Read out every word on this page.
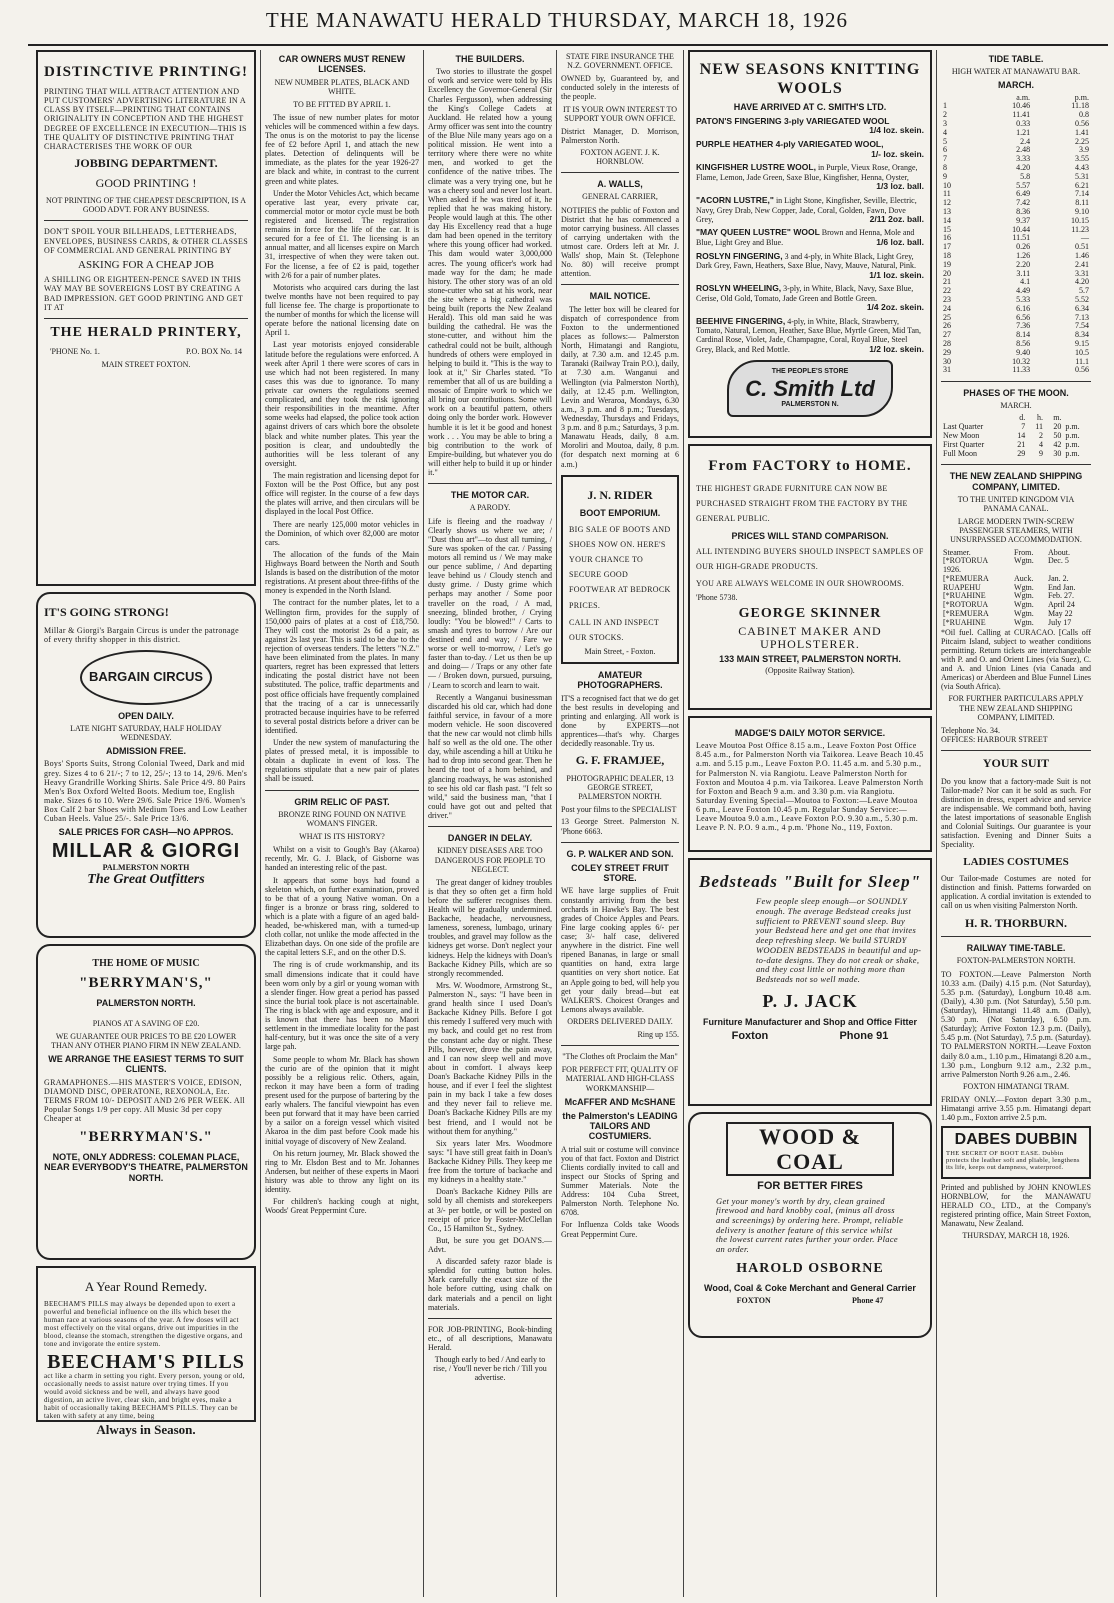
THE MANAWATU HERALD THURSDAY, MARCH 18, 1926
DISTINCTIVE PRINTING!

PRINTING THAT WILL ATTRACT ATTENTION AND PUT CUSTOMERS' ADVERTISING LITERATURE IN A CLASS BY ITSELF—PRINTING THAT CONTAINS ORIGINALITY IN CONCEPTION AND THE HIGHEST DEGREE OF EXCELLENCE IN EXECUTION—THIS IS THE QUALITY OF DISTINCTIVE PRINTING THAT CHARACTERISES THE WORK OF OUR

JOBBING DEPARTMENT.
GOOD PRINTING !
NOT PRINTING OF THE CHEAPEST DESCRIPTION, IS A GOOD ADVT. FOR ANY BUSINESS.

DON'T SPOIL YOUR BILLHEADS, LETTERHEADS, ENVELOPES, BUSINESS CARDS, & OTHER CLASSES OF COMMERCIAL AND GENERAL PRINTING BY

ASKING FOR A CHEAP JOB

A SHILLING OR EIGHTEEN-PENCE SAVED IN THIS WAY MAY BE SOVEREIGNS LOST BY CREATING A BAD IMPRESSION. GET GOOD PRINTING AND GET IT AT

THE HERALD PRINTERY,
'PHONE No. 1.	P.O. BOX No. 14
MAIN STREET FOXTON.
IT'S GOING STRONG!

Millar & Giorgi's Bargain Circus is under the patronage of every thrifty shopper in this district.

BARGAIN CIRCUS
OPEN DAILY.
LATE NIGHT SATURDAY, HALF HOLIDAY WEDNESDAY.
ADMISSION FREE.

Boys' Sports Suits, Strong Colonial Tweed, Dark and mid grey. Sizes 4 to 6 21/-; 7 to 12, 25/-; 13 to 14, 29/6. Men's Heavy Grandrille Working Shirts. Sale Price 4/9. 80 Pairs Men's Box Oxford Welted Boots. Medium toe, English make. Sizes 6 to 10. Were 29/6. Sale Price 19/6. Women's Box Calf 2 bar Shoes with Medium Toes and Low Leather Cuban Heels. Value 25/-. Sale Price 13/6.

SALE PRICES FOR CASH—NO APPROS.
MILLAR & GIORGI
PALMERSTON NORTH
The Great Outfitters
THE HOME OF MUSIC
"BERRYMAN'S,"
PALMERSTON NORTH.
PIANOS AT A SAVING OF £20.
WE GUARANTEE OUR PRICES TO BE £20 LOWER THAN ANY OTHER PIANO FIRM IN NEW ZEALAND.
WE ARRANGE THE EASIEST TERMS TO SUIT CLIENTS.

GRAMAPHONES.—HIS MASTER'S VOICE, EDISON, DIAMOND DISC, OPERATONE, REXONOLA, Etc. TERMS FROM 10/- DEPOSIT AND 2/6 PER WEEK. All Popular Songs 1/9 per copy. All Music 3d per copy Cheaper at

"BERRYMAN'S."
NOTE, ONLY ADDRESS: COLEMAN PLACE, NEAR EVERYBODY'S THEATRE, PALMERSTON NORTH.
A Year Round Remedy.

BEECHAM'S PILLS may always be depended upon to exert a powerful and beneficial influence on the ills which beset the human race at various seasons of the year. A few doses will act most effectively on the vital organs, drive out impurities in the blood, cleanse the stomach, strengthen the digestive organs, and tone and invigorate the entire system.

BEECHAM'S PILLS

act like a charm in setting you right. Every person, young or old, occasionally needs to assist nature over trying times. If you would avoid sickness and be well, and always have good digestion, an active liver, clear skin, and bright eyes, make a habit of occasionally taking BEECHAM'S PILLS. They can be taken with safety at any time, being

Always in Season.
CAR OWNERS MUST RENEW LICENSES.
NEW NUMBER PLATES, BLACK AND WHITE.
TO BE FITTED BY APRIL 1.

The issue of new number plates for motor vehicles will be commenced within a few days. The onus is on the motorist to pay the license fee of £2 before April 1, and attach the new plates. Detection of delinquents will be immediate, as the plates for the year 1926-27 are black and white, in contrast to the current green and white plates.

Under the Motor Vehicles Act, which became operative last year, every private car, commercial motor or motor cycle must be both registered and licensed. The registration remains in force for the life of the car. It is secured for a fee of £1. The licensing is an annual matter, and all licenses expire on March 31, irrespective of when they were taken out. For the license, a fee of £2 is paid, together with 2/6 for a pair of number plates.

Motorists who acquired cars during the last twelve months have not been required to pay full license fee. The charge is proportionate to the number of months for which the license will operate before the national licensing date on April 1.

Last year motorists enjoyed considerable latitude before the regulations were enforced. A week after April 1 there were scores of cars in use which had not been registered. In many cases this was due to ignorance. To many private car owners the regulations seemed complicated, and they took the risk ignoring their responsibilities in the meantime. After some weeks had elapsed, the police took action against drivers of cars which bore the obsolete black and white number plates. This year the position is clear, and undoubtedly the authorities will be less tolerant of any oversight.

The main registration and licensing depot for Foxton will be the Post Office, but any post office will register. In the course of a few days the plates will arrive, and then circulars will be displayed in the local Post Office.

There are nearly 125,000 motor vehicles in the Dominion, of which over 82,000 are motor cars.

The allocation of the funds of the Main Highways Board between the North and South Islands is based on the distribution of the motor registrations. At present about three-fifths of the money is expended in the North Island.

The contract for the number plates, let to a Wellington firm, provides for the supply of 150,000 pairs of plates at a cost of £18,750. They will cost the motorist 2s 6d a pair, as against 2s last year. This is said to be due to the rejection of overseas tenders. The letters "N.Z." have been eliminated from the plates. In many quarters, regret has been expressed that letters indicating the postal district have not been substituted. The police, traffic departments and post office officials have frequently complained that the tracing of a car is unnecessarily protracted because inquiries have to be referred to several postal districts before a driver can be identified.

Under the new system of manufacturing the plates of pressed metal, it is impossible to obtain a duplicate in event of loss. The regulations stipulate that a new pair of plates shall be issued.

GRIM RELIC OF PAST.
BRONZE RING FOUND ON NATIVE WOMAN'S FINGER.
WHAT IS ITS HISTORY?

Whilst on a visit to Gough's Bay (Akaroa) recently, Mr. G. J. Black, of Gisborne was handed an interesting relic of the past.

It appears that some boys had found a skeleton which, on further examination, proved to be that of a young Native woman. On a finger is a bronze or brass ring, soldered to which is a plate with a figure of an aged bald-headed, be-whiskered man, with a turned-up cloth collar, not unlike the mode affected in the Elizabethan days. On one side of the profile are the capital letters S.F., and on the other D.S.

The ring is of crude workmanship, and its small dimensions indicate that it could have been worn only by a girl or young woman with a slender finger. How great a period has passed since the burial took place is not ascertainable. The ring is black with age and exposure, and it is known that there has been no Maori settlement in the immediate locality for the past half-century, but it was once the site of a very large pah.

Some people to whom Mr. Black has shown the curio are of the opinion that it might possibly be a religious relic. Others, again, reckon it may have been a form of trading present used for the purpose of bartering by the early whalers. The fanciful viewpoint has even been put forward that it may have been carried by a sailor on a foreign vessel which visited Akaroa in the dim past before Cook made his initial voyage of discovery of New Zealand.

On his return journey, Mr. Black showed the ring to Mr. Elsdon Best and to Mr. Johannes Andersen, but neither of these experts in Maori history was able to throw any light on its identity.

For children's hacking cough at night, Woods' Great Peppermint Cure.

THE BUILDERS.

Two stories to illustrate the gospel of work and service were told by His Excellency the Governor-General (Sir Charles Fergusson), when addressing the King's College Cadets at Auckland. He related how a young Army officer was sent into the country of the Blue Nile many years ago on a political mission. He went into a territory where there were no white men, and worked to get the confidence of the native tribes. The climate was a very trying one, but he was a cheery soul and never lost heart. When asked if he was tired of it, he replied that he was making history. People would laugh at this. The other day His Excellency read that a huge dam had been opened in the territory where this young officer had worked. This dam would water 3,000,000 acres. The young officer's work had made way for the dam; he made history. The other story was of an old stone-cutter who sat at his work, near the site where a big cathedral was being built (reports the New Zealand Herald). This old man said he was building the cathedral. He was the stone-cutter, and without him the cathedral could not be built, although hundreds of others were employed in helping to build it. "This is the way to look at it," Sir Charles stated. "To remember that all of us are building a mosaic of Empire work to which we all bring our contributions. Some will work on a beautiful pattern, others doing only the border work. However humble it is let it be good and honest work . . . You may be able to bring a big contribution to the work of Empire-building, but whatever you do will either help to build it up or hinder it."

THE MOTOR CAR.
A PARODY.

Life is fleeing and the roadway / Clearly shows us where we are; / "Dust thou art"—to dust all turning, / Sure was spoken of the car. / Passing motors all remind us / We may make our pence sublime, / And departing leave behind us / Cloudy stench and dusty grime. / Dusty grime which perhaps may another / Some poor traveller on the road, / A mad, sneezing, blinded brother, / Crying loudly: "You be blowed!" / Carts to smash and tyres to borrow / Are our destined end and way; / Fare we worse or well to-morrow, / Let's go faster than to-day. / Let us then be up and doing— / Traps or any other fate— / Broken down, pursued, pursuing, / Learn to scorch and learn to wait.

Recently a Wanganui businessman discarded his old car, which had done faithful service, in favour of a more modern vehicle. He soon discovered that the new car would not climb hills half so well as the old one. The other day, while ascending a hill at Utiku he had to drop into second gear. Then he heard the toot of a horn behind, and glancing roadways, he was astonished to see his old car flash past. "I felt so wild," said the business man, "that I could have got out and pelted that driver."

DANGER IN DELAY.
KIDNEY DISEASES ARE TOO DANGEROUS FOR PEOPLE TO NEGLECT.

The great danger of kidney troubles is that they so often get a firm hold before the sufferer recognises them. Health will be gradually undermined. Backache, headache, nervousness, lameness, soreness, lumbago, urinary troubles, and gravel may follow as the kidneys get worse. Don't neglect your kidneys. Help the kidneys with Doan's Backache Kidney Pills, which are so strongly recommended.

Mrs. W. Woodmore, Armstrong St., Palmerston N., says: "I have been in grand health since I used Doan's Backache Kidney Pills. Before I got this remedy I suffered very much with my back, and could get no rest from the constant ache day or night. These Pills, however, drove the pain away, and I can now sleep well and move about in comfort. I always keep Doan's Backache Kidney Pills in the house, and if ever I feel the slightest pain in my back I take a few doses and they never fail to relieve me. Doan's Backache Kidney Pills are my best friend, and I would not be without them for anything."

Six years later Mrs. Woodmore says: "I have still great faith in Doan's Backache Kidney Pills. They keep me free from the torture of backache and my kidneys in a healthy state."

Doan's Backache Kidney Pills are sold by all chemists and storekeepers at 3/- per bottle, or will be posted on receipt of price by Foster-McClellan Co., 15 Hamilton St., Sydney.

But, be sure you get DOAN'S.—Advt.

A discarded safety razor blade is splendid for cutting button holes. Mark carefully the exact size of the hole before cutting, using chalk on dark materials and a pencil on light materials.

FOR JOB-PRINTING, Book-binding etc., of all descriptions, Manawatu Herald.

Though early to bed / And early to rise, / You'll never be rich / Till you advertise.

STATE FIRE INSURANCE THE N.Z. GOVERNMENT. OFFICE.

OWNED by, Guaranteed by, and conducted solely in the interests of the people.

IT IS YOUR OWN INTEREST TO SUPPORT YOUR OWN OFFICE.

District Manager, D. Morrison, Palmerston North.

FOXTON AGENT. J. K. HORNBLOW.
A. WALLS,
GENERAL CARRIER,

NOTIFIES the public of Foxton and District that he has commenced a motor carrying business. All classes of carrying undertaken with the utmost care. Orders left at Mr. J. Walls' shop, Main St. (Telephone No. 80) will receive prompt attention.

MAIL NOTICE.

The letter box will be cleared for dispatch of correspondence from Foxton to the undermentioned places as follows:— Palmerston North, Himatangi and Rangiotu, daily, at 7.30 a.m. and 12.45 p.m. Taranaki (Railway Train P.O.), daily, at 7.30 a.m. Wanganui and Wellington (via Palmerston North), daily, at 12.45 p.m. Wellington, Levin and Weraroa, Mondays, 6.30 a.m., 3 p.m. and 8 p.m.; Tuesdays, Wednesday, Thursdays and Fridays, 3 p.m. and 8 p.m.; Saturdays, 3 p.m. Manawatu Heads, daily, 8 a.m. Moroliri and Moutoa, daily, 8 p.m. (for despatch next morning at 6 a.m.)

J. N. RIDER
BOOT EMPORIUM.

BIG SALE OF BOOTS AND SHOES NOW ON. HERE'S YOUR CHANCE TO SECURE GOOD FOOTWEAR AT BEDROCK PRICES.

CALL IN AND INSPECT OUR STOCKS.

Main Street, - Foxton.
AMATEUR PHOTOGRAPHERS.

IT'S a recognised fact that we do get the best results in developing and printing and enlarging. All work is done by EXPERTS—not apprentices—that's why. Charges decidedly reasonable. Try us.

G. F. FRAMJEE,
PHOTOGRAPHIC DEALER, 13 GEORGE STREET, PALMERSTON NORTH.

Post your films to the SPECIALIST

13 George Street. Palmerston N. 'Phone 6663.

G. P. WALKER AND SON.
COLEY STREET FRUIT STORE.

WE have large supplies of Fruit constantly arriving from the best orchards in Hawke's Bay. The best grades of Choice Apples and Pears. Fine large cooking apples 6/- per case; 3/- half case, delivered anywhere in the district. Fine well ripened Bananas, in large or small quantities on hand, extra large quantities on very short notice. Eat an Apple going to bed, will help you get your daily bread—but eat WALKER'S. Choicest Oranges and Lemons always available.

ORDERS DELIVERED DAILY.
Ring up 155.
"The Clothes oft Proclaim the Man"
FOR PERFECT FIT, QUALITY OF MATERIAL AND HIGH-CLASS WORKMANSHIP—
McAFFER AND McSHANE
the Palmerston's LEADING TAILORS AND COSTUMIERS.

A trial suit or costume will convince you of that fact. Foxton and District Clients cordially invited to call and inspect our Stocks of Spring and Summer Materials. Note the Address: 104 Cuba Street, Palmerston North. Telephone No. 6708.

For Influenza Colds take Woods Great Peppermint Cure.

NEW SEASONS KNITTING WOOLS
HAVE ARRIVED AT C. SMITH'S LTD.
PATON'S FINGERING 3-ply VARIEGATED WOOL
1/4 loz. skein.
PURPLE HEATHER 4-ply VARIEGATED WOOL,
1/- loz. skein.
KINGFISHER LUSTRE WOOL, in Purple, Vieux Rose, Orange, Flame, Lemon, Jade Green, Saxe Blue, Kingfisher, Henna, Oyster,
1/3 loz. ball.
"ACORN LUSTRE," in Light Stone, Kingfisher, Seville, Electric, Navy, Grey Drab, New Copper, Jade, Coral, Golden, Fawn, Dove Grey,	2/11 2oz. ball.
"MAY QUEEN LUSTRE" WOOL Brown and Henna, Mole and Blue, Light Grey and Blue.	1/6 loz. ball.
ROSLYN FINGERING, 3 and 4-ply, in White Black, Light Grey, Dark Grey, Fawn, Heathers, Saxe Blue, Navy, Mauve, Natural, Pink.
1/1 loz. skein.
ROSLYN WHEELING, 3-ply, in White, Black, Navy, Saxe Blue, Cerise, Old Gold, Tomato, Jade Green and Bottle Green.
1/4 2oz. skein.
BEEHIVE FINGERING, 4-ply, in White, Black, Strawberry, Tomato, Natural, Lemon, Heather, Saxe Blue, Myrtle Green, Mid Tan, Cardinal Rose, Violet, Jade, Champagne, Coral, Royal Blue, Steel Grey, Black, and Red Mottle.	1/2 loz. skein.
THE PEOPLE'S STORE
C. Smith Ltd
PALMERSTON N.
From FACTORY to HOME.

THE HIGHEST GRADE FURNITURE CAN NOW BE PURCHASED STRAIGHT FROM THE FACTORY BY THE GENERAL PUBLIC.

PRICES WILL STAND COMPARISON.

ALL INTENDING BUYERS SHOULD INSPECT SAMPLES OF OUR HIGH-GRADE PRODUCTS.

YOU ARE ALWAYS WELCOME IN OUR SHOWROOMS.

'Phone 5738.
GEORGE SKINNER
CABINET MAKER AND UPHOLSTERER.
133 MAIN STREET, PALMERSTON NORTH.
(Opposite Railway Station).
MADGE'S DAILY MOTOR SERVICE.

Leave Moutoa Post Office 8.15 a.m., Leave Foxton Post Office 8.45 a.m., for Palmerston North via Taikorea. Leave Beach 10.45 a.m. and 5.15 p.m., Leave Foxton P.O. 11.45 a.m. and 5.30 p.m., for Palmerston N. via Rangiotu. Leave Palmerston North for Foxton and Moutoa 4 p.m. via Taikorea. Leave Palmerston North for Foxton and Beach 9 a.m. and 3.30 p.m. via Rangiotu. Saturday Evening Special—Moutoa to Foxton:—Leave Moutoa 6 p.m., Leave Foxton 10.45 p.m. Regular Sunday Service:—Leave Moutoa 9.0 a.m., Leave Foxton P.O. 9.30 a.m., 5.30 p.m. Leave P. N. P.O. 9 a.m., 4 p.m. 'Phone No., 119, Foxton.

Bedsteads "Built for Sleep"

Few people sleep enough—or SOUNDLY enough. The average Bedstead creaks just sufficient to PREVENT sound sleep. Buy your Bedstead here and get one that invites deep refreshing sleep. We build STURDY WOODEN BEDSTEADS in beautiful and up-to-date designs. They do not creak or shake, and they cost little or nothing more than Bedsteads not so well made.

P. J. JACK
Furniture Manufacturer and Shop and Office Fitter
Foxton	Phone 91
WOOD & COAL
FOR BETTER FIRES

Get your money's worth by dry, clean grained firewood and hard knobby coal, (minus all dross and screenings) by ordering here. Prompt, reliable delivery is another feature of this service whilst the lowest current rates further your order. Place an order.

HAROLD OSBORNE
Wood, Coal & Coke Merchant and General Carrier
FOXTON	Phone 47
TIDE TABLE.
HIGH WATER AT MANAWATU BAR.
MARCH.
	a.m.	p.m.
1	10.46	11.18
2	11.41	0.8
3	0.33	0.56
4	1.21	1.41
5	2.4	2.25
6	2.48	3.9
7	3.33	3.55
8	4.20	4.43
9	5.8	5.31
10	5.57	6.21
11	6.49	7.14
12	7.42	8.11
13	8.36	9.10
14	9.37	10.15
15	10.44	11.23
16	11.51	—
17	0.26	0.51
18	1.26	1.46
19	2.20	2.41
20	3.11	3.31
21	4.1	4.20
22	4.49	5.7
23	5.33	5.52
24	6.16	6.34
25	6.56	7.13
26	7.36	7.54
27	8.14	8.34
28	8.56	9.15
29	9.40	10.5
30	10.32	11.1
31	11.33	0.56
PHASES OF THE MOON.
MARCH.
	d.	h.	m.	
Last Quarter	7	11	20	p.m.
New Moon	14	2	50	p.m.
First Quarter	21	4	42	p.m.
Full Moon	29	9	30	p.m.
THE NEW ZEALAND SHIPPING COMPANY, LIMITED.
TO THE UNITED KINGDOM VIA PANAMA CANAL.
LARGE MODERN TWIN-SCREW PASSENGER STEAMERS, WITH UNSURPASSED ACCOMMODATION.
Steamer.	From.	About.
[*ROTORUA	Wgtn.	Dec. 5
1926.		
[*REMUERA	Auck.	Jan. 2.
RUAPEHU	Wgtn.	End Jan.
[*RUAHINE	Wgtn.	Feb. 27.
[*ROTORUA	Wgtn.	April 24
[*REMUERA	Wgtn.	May 22
[*RUAHINE	Wgtn.	July 17

*Oil fuel. Calling at CURACAO. [Calls off Pitcairn Island, subject to weather conditions permitting. Return tickets are interchangeable with P. and O. and Orient Lines (via Suez), C. and A. and Union Lines (via Canada and Americas) or Aberdeen and Blue Funnel Lines (via South Africa).

FOR FURTHER PARTICULARS APPLY THE NEW ZEALAND SHIPPING COMPANY, LIMITED.
Telephone No. 34.
OFFICES: HARBOUR STREET
YOUR SUIT

Do you know that a factory-made Suit is not Tailor-made? Nor can it be sold as such. For distinction in dress, expert advice and service are indispensable. We command both, having the latest importations of seasonable English and Colonial Suitings. Our guarantee is your satisfaction. Evening and Dinner Suits a Speciality.

LADIES COSTUMES

Our Tailor-made Costumes are noted for distinction and finish. Patterns forwarded on application. A cordial invitation is extended to call on us when visiting Palmerston North.

H. R. THORBURN.
RAILWAY TIME-TABLE.
FOXTON-PALMERSTON NORTH.

TO FOXTON.—Leave Palmerston North 10.33 a.m. (Daily) 4.15 p.m. (Not Saturday), 5.35 p.m. (Saturday), Longburn 10.48 a.m. (Daily), 4.30 p.m. (Not Saturday), 5.50 p.m. (Saturday), Himatangi 11.48 a.m. (Daily), 5.30 p.m. (Not Saturday), 6.50 p.m. (Saturday); Arrive Foxton 12.3 p.m. (Daily), 5.45 p.m. (Not Saturday), 7.5 p.m. (Saturday). TO PALMERSTON NORTH.—Leave Foxton daily 8.0 a.m., 1.10 p.m., Himatangi 8.20 a.m., 1.30 p.m., Longburn 9.12 a.m., 2.32 p.m., arrive Palmerston North 9.26 a.m., 2.46.

FOXTON HIMATANGI TRAM.

FRIDAY ONLY.—Foxton depart 3.30 p.m., Himatangi arrive 3.55 p.m. Himatangi depart 1.40 p.m., Foxton arrive 2.5 p.m.

DABES DUBBIN

THE SECRET OF BOOT EASE. Dubbin protects the leather soft and pliable, lengthens its life, keeps out dampness, waterproof.

Printed and published by JOHN KNOWLES HORNBLOW, for the MANAWATU HERALD CO., LTD., at the Company's registered printing office, Main Street Foxton, Manawatu, New Zealand.

THURSDAY, MARCH 18, 1926.
